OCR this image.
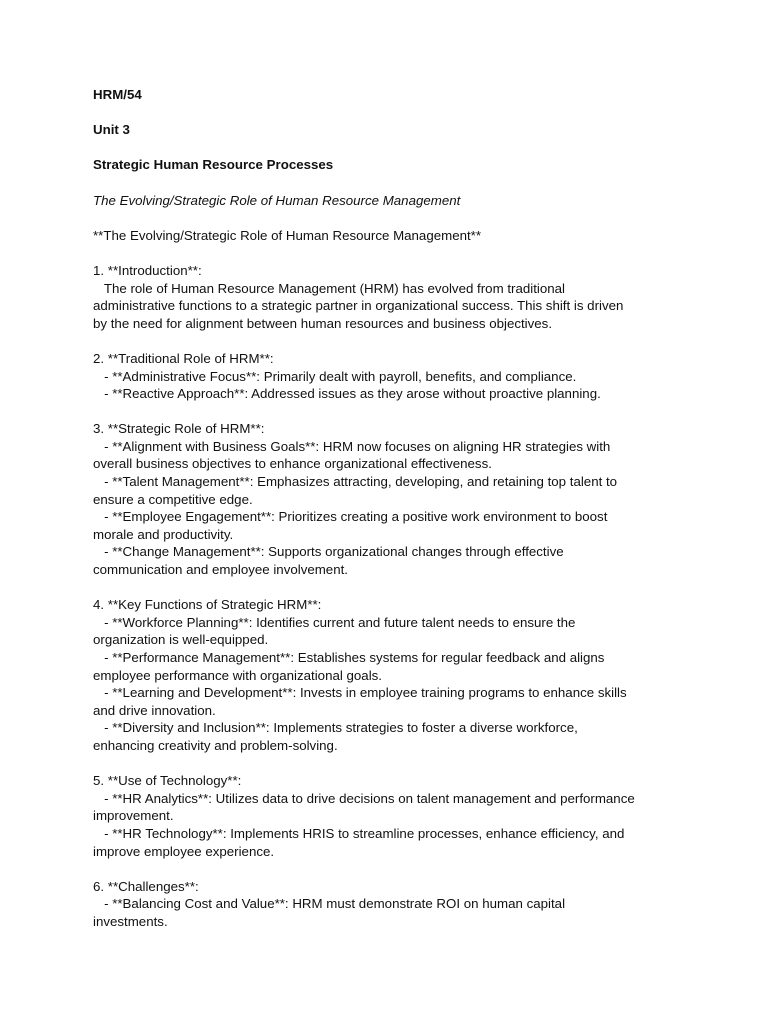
HRM/54
Unit 3
Strategic Human Resource Processes
The Evolving/Strategic Role of Human Resource Management
**The Evolving/Strategic Role of Human Resource Management**
1. **Introduction**:
The role of Human Resource Management (HRM) has evolved from traditional
administrative functions to a strategic partner in organizational success. This shift is driven
by the need for alignment between human resources and business objectives.
2. **Traditional Role of HRM**:
- **Administrative Focus**: Primarily dealt with payroll, benefits, and compliance.
- **Reactive Approach**: Addressed issues as they arose without proactive planning.
3. **Strategic Role of HRM**:
- **Alignment with Business Goals**: HRM now focuses on aligning HR strategies with
overall business objectives to enhance organizational effectiveness.
- **Talent Management**: Emphasizes attracting, developing, and retaining top talent to
ensure a competitive edge.
- **Employee Engagement**: Prioritizes creating a positive work environment to boost
morale and productivity.
- **Change Management**: Supports organizational changes through effective
communication and employee involvement.
4. **Key Functions of Strategic HRM**:
- **Workforce Planning**: Identifies current and future talent needs to ensure the
organization is well-equipped.
- **Performance Management**: Establishes systems for regular feedback and aligns
employee performance with organizational goals.
- **Learning and Development**: Invests in employee training programs to enhance skills
and drive innovation.
- **Diversity and Inclusion**: Implements strategies to foster a diverse workforce,
enhancing creativity and problem-solving.
5. **Use of Technology**:
- **HR Analytics**: Utilizes data to drive decisions on talent management and performance
improvement.
- **HR Technology**: Implements HRIS to streamline processes, enhance efficiency, and
improve employee experience.
6. **Challenges**:
- **Balancing Cost and Value**: HRM must demonstrate ROI on human capital
investments.
